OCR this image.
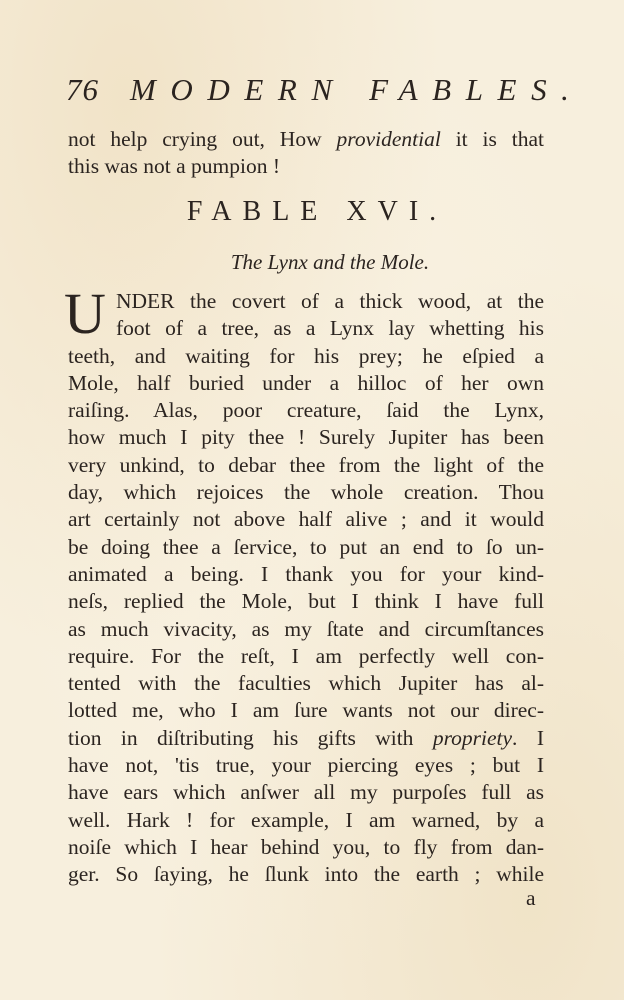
76 MODERN FABLES.
not help crying out, How providential it is that
this was not a pumpion !
FABLE XVI.
The Lynx and the Mole.
U NDER the covert of a thick wood, at the
foot of a tree, as a Lynx lay whetting his
teeth, and waiting for his prey; he eſpied a
Mole, half buried under a hilloc of her own
raiſing. Alas, poor creature, ſaid the Lynx,
how much I pity thee ! Surely Jupiter has been
very unkind, to debar thee from the light of the
day, which rejoices the whole creation. Thou
art certainly not above half alive ; and it would
be doing thee a ſervice, to put an end to ſo un-
animated a being. I thank you for your kind-
neſs, replied the Mole, but I think I have full
as much vivacity, as my ſtate and circumſtances
require. For the reſt, I am perfectly well con-
tented with the faculties which Jupiter has al-
lotted me, who I am ſure wants not our direc-
tion in diſtributing his gifts with propriety. I
have not, 'tis true, your piercing eyes ; but I
have ears which anſwer all my purpoſes full as
well. Hark ! for example, I am warned, by a
noiſe which I hear behind you, to fly from dan-
ger. So ſaying, he ſlunk into the earth ; while
a
